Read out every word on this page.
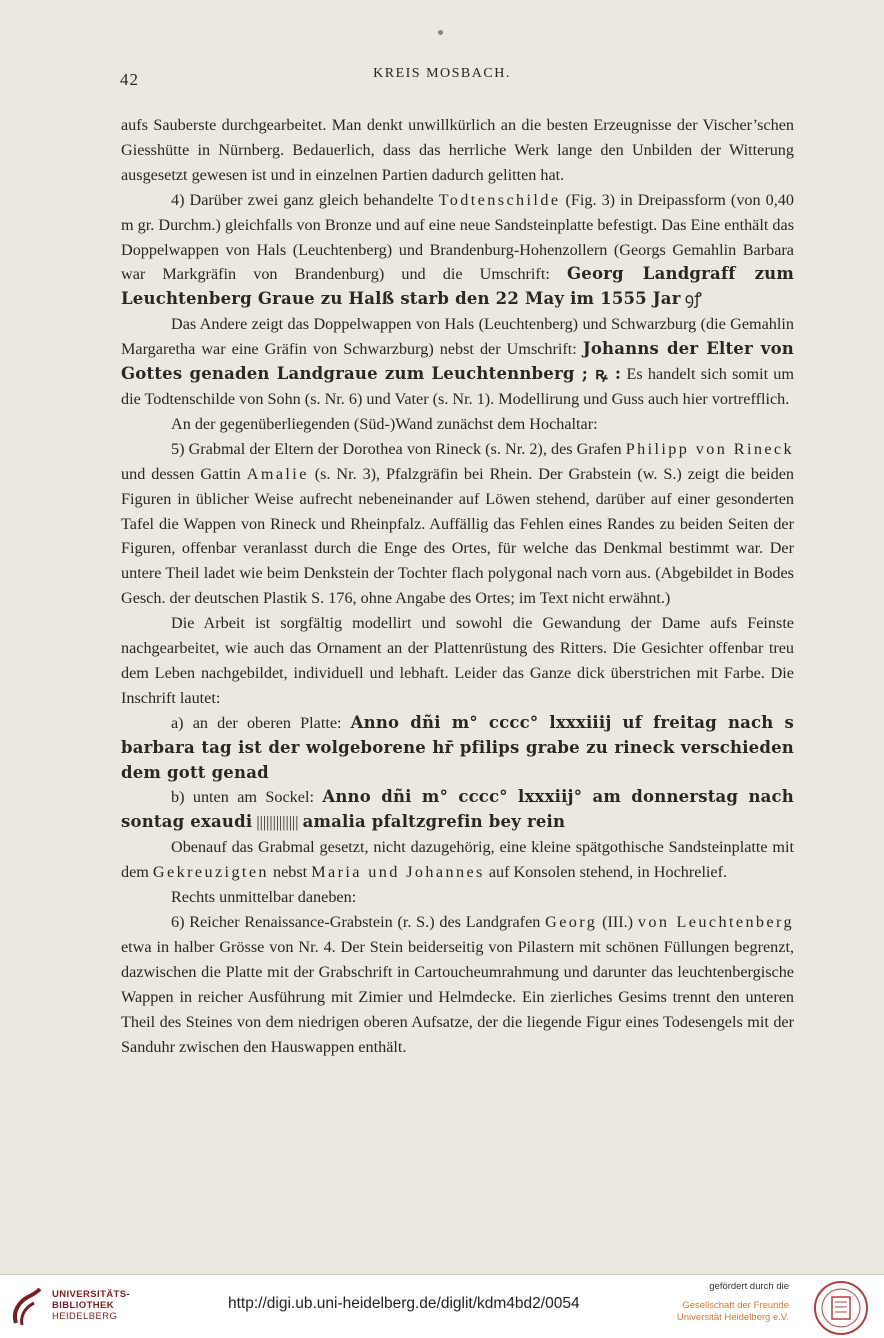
42	KREIS MOSBACH.

aufs Sauberste durchgearbeitet. Man denkt unwillkürlich an die besten Erzeugnisse der Vischer’schen Giesshütte in Nürnberg. Bedauerlich, dass das herrliche Werk lange den Unbilden der Witterung ausgesetzt gewesen ist und in einzelnen Partien dadurch gelitten hat.

4) Darüber zwei ganz gleich behandelte Todtenschilde (Fig. 3) in Dreipassform (von 0,40 m gr. Durchm.) gleichfalls von Bronze und auf eine neue Sandsteinplatte befestigt. Das Eine enthält das Doppelwappen von Hals (Leuchtenberg) und Brandenburg-Hohenzollern (Georgs Gemahlin Barbara war Markgräfin von Brandenburg) und die Umschrift: Georg Landgraff zum Leuchtenberg Graue zu Halß starb den 22 May im 1555 Jar ꝯꝭ

Das Andere zeigt das Doppelwappen von Hals (Leuchtenberg) und Schwarzburg (die Gemahlin Margaretha war eine Gräfin von Schwarzburg) nebst der Umschrift: Johanns der Elter von Gottes genaden Landgraue zum Leuchtennberg ; ꝶ : Es handelt sich somit um die Todtenschilde von Sohn (s. Nr. 6) und Vater (s. Nr. 1). Modellirung und Guss auch hier vortrefflich.

An der gegenüberliegenden (Süd-)Wand zunächst dem Hochaltar:

5) Grabmal der Eltern der Dorothea von Rineck (s. Nr. 2), des Grafen Philipp von Rineck und dessen Gattin Amalie (s. Nr. 3), Pfalzgräfin bei Rhein. Der Grabstein (w. S.) zeigt die beiden Figuren in üblicher Weise aufrecht nebeneinander auf Löwen stehend, darüber auf einer gesonderten Tafel die Wappen von Rineck und Rheinpfalz. Auffällig das Fehlen eines Randes zu beiden Seiten der Figuren, offenbar veranlasst durch die Enge des Ortes, für welche das Denkmal bestimmt war. Der untere Theil ladet wie beim Denkstein der Tochter flach polygonal nach vorn aus. (Abgebildet in Bodes Gesch. der deutschen Plastik S. 176, ohne Angabe des Ortes; im Text nicht erwähnt.)

Die Arbeit ist sorgfältig modellirt und sowohl die Gewandung der Dame aufs Feinste nachgearbeitet, wie auch das Ornament an der Plattenrüstung des Ritters. Die Gesichter offenbar treu dem Leben nachgebildet, individuell und lebhaft. Leider das Ganze dick überstrichen mit Farbe. Die Inschrift lautet:

a) an der oberen Platte: Anno dñi m° cccc° lxxxiiij uf freitag nach s barbara tag ist der wolgeborene hr̄ pfilips grabe zu rineck verschieden dem gott genad

b) unten am Sockel: Anno dñi m° cccc° lxxxiij° am donnerstag nach sontag exaudi ||||||||||||| amalia pfaltzgrefin bey rein

Obenauf das Grabmal gesetzt, nicht dazugehörig, eine kleine spätgothische Sandsteinplatte mit dem Gekreuzigten nebst Maria und Johannes auf Konsolen stehend, in Hochrelief.

Rechts unmittelbar daneben:

6) Reicher Renaissance-Grabstein (r. S.) des Landgrafen Georg (III.) von Leuchtenberg etwa in halber Grösse von Nr. 4. Der Stein beiderseitig von Pilastern mit schönen Füllungen begrenzt, dazwischen die Platte mit der Grabschrift in Cartoucheumrahmung und darunter das leuchtenbergische Wappen in reicher Ausführung mit Zimier und Helmdecke. Ein zierliches Gesims trennt den unteren Theil des Steines von dem niedrigen oberen Aufsatze, der die liegende Figur eines Todesengels mit der Sanduhr zwischen den Hauswappen enthält.

UNIVERSITÄTS-
BIBLIOTHEK
HEIDELBERG
http://digi.ub.uni-heidelberg.de/diglit/kdm4bd2/0054
gefördert durch die
Gesellschaft der Freunde
Universität Heidelberg e.V.
